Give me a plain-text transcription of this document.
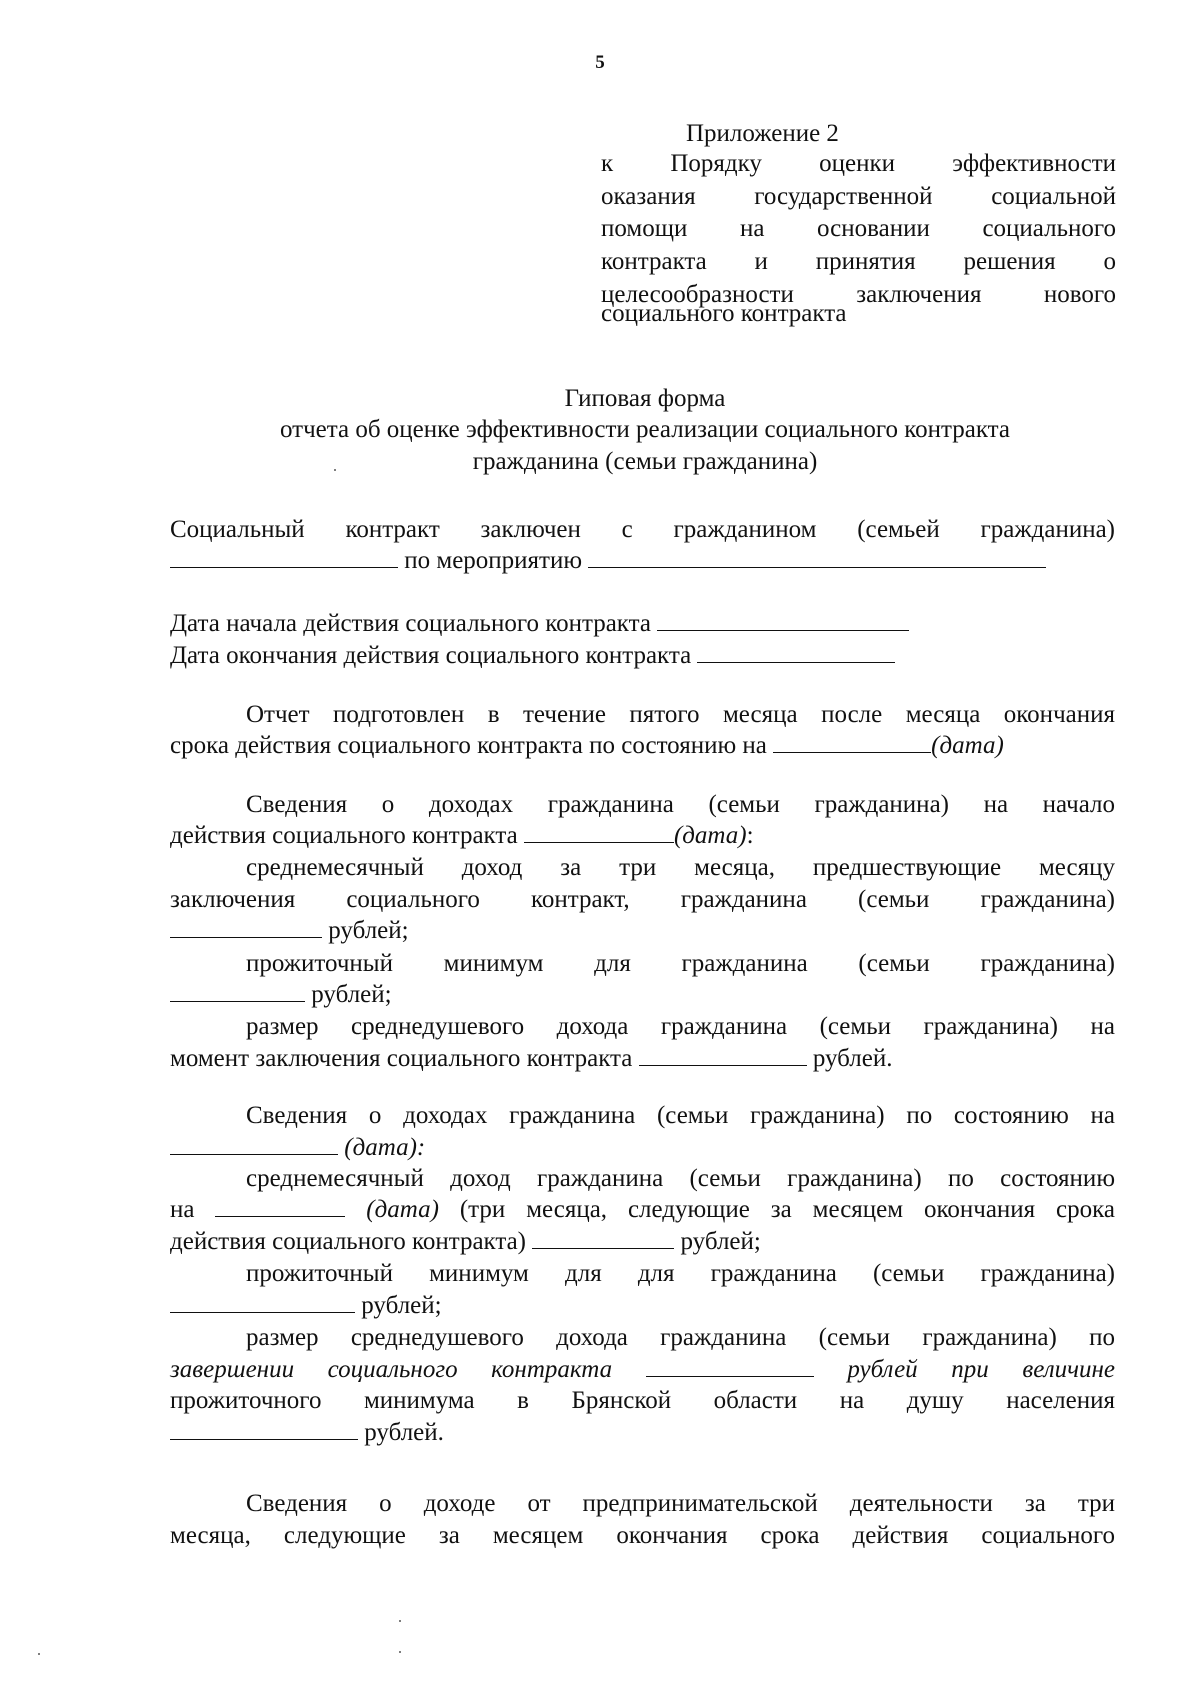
5
Приложение 2
к Порядку оценки эффективности
оказания государственной социальной
помощи на основании социального
контракта и принятия решения о
целесообразности заключения нового
социального контракта
Гиповая форма
отчета об оценке эффективности реализации социального контракта
гражданина (семьи гражданина)
Социальный контракт заключен с гражданином (семьей гражданина)
по мероприятию
Дата начала действия социального контракта
Дата окончания действия социального контракта
Отчет подготовлен в течение пятого месяца после месяца окончания
срока действия социального контракта по состоянию на	(дата)
Сведения о доходах гражданина (семьи гражданина) на начало
действия социального контракта	(дата):
среднемесячный доход за три месяца, предшествующие месяцу
заключения социального контракт, гражданина (семьи гражданина)
рублей;
прожиточный минимум для гражданина (семьи гражданина)
рублей;
размер среднедушевого дохода гражданина (семьи гражданина) на
момент заключения социального контракта	рублей.
Сведения о доходах гражданина (семьи гражданина) по состоянию на
(дата):
среднемесячный доход гражданина (семьи гражданина) по состоянию
на	(дата) (три месяца, следующие за месяцем окончания срока
действия социального контракта)	рублей;
прожиточный минимум для для гражданина (семьи гражданина)
рублей;
размер среднедушевого дохода гражданина (семьи гражданина) по
завершении социального контракта	рублей при величине
прожиточного минимума в Брянской области на душу населения
рублей.
Сведения о доходе от предпринимательской деятельности за три
месяца, следующие за месяцем окончания срока действия социального
